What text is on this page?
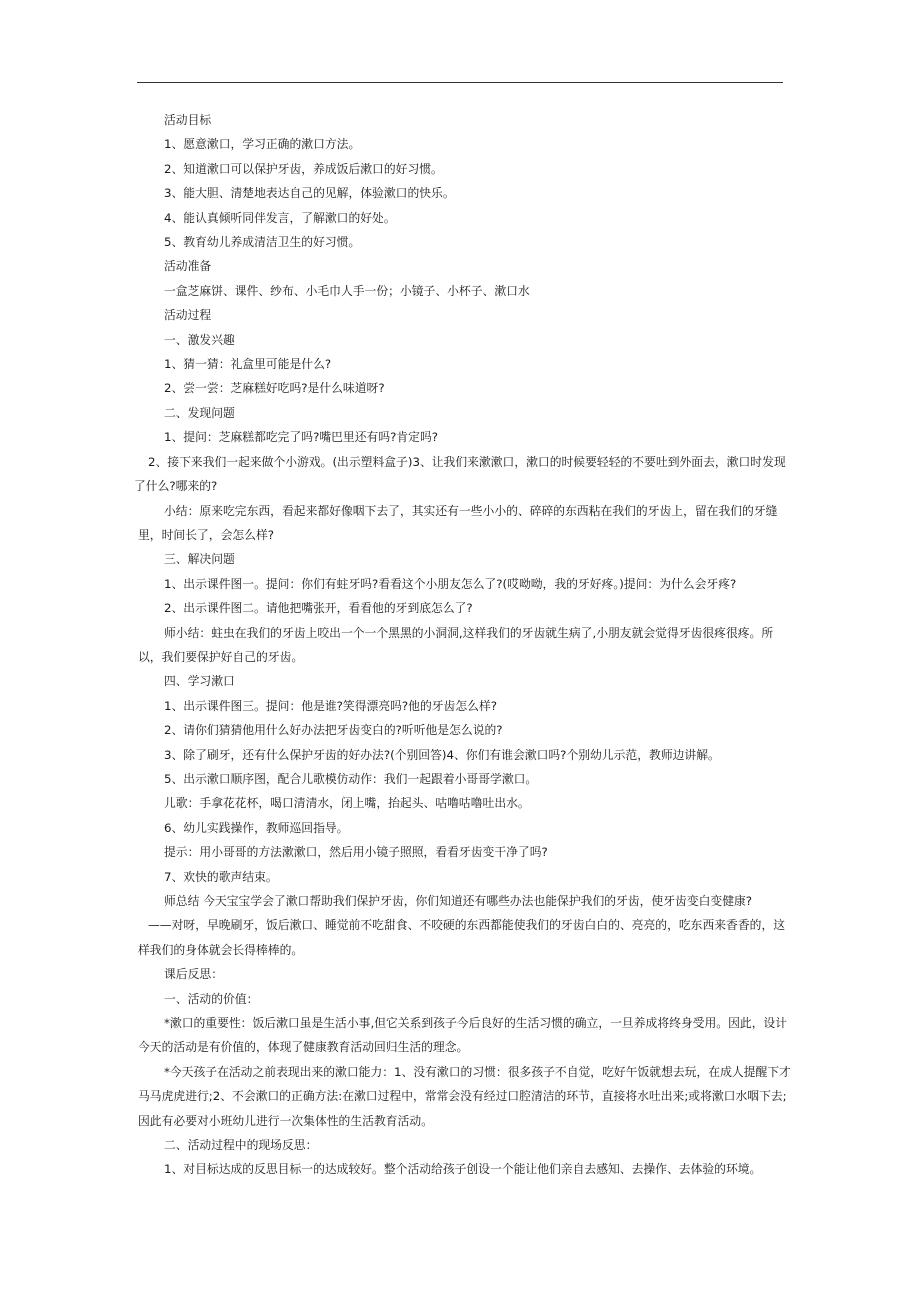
活动目标
1、愿意漱口，学习正确的漱口方法。
2、知道漱口可以保护牙齿，养成饭后漱口的好习惯。
3、能大胆、清楚地表达自己的见解，体验漱口的快乐。
4、能认真倾听同伴发言，了解漱口的好处。
5、教育幼儿养成清洁卫生的好习惯。
活动准备
一盒芝麻饼、课件、纱布、小毛巾人手一份；小镜子、小杯子、漱口水
活动过程
一、激发兴趣
1、猜一猜：礼盒里可能是什么?
2、尝一尝：芝麻糕好吃吗?是什么味道呀?
二、发现问题
1、提问：芝麻糕都吃完了吗?嘴巴里还有吗?肯定吗?
2、接下来我们一起来做个小游戏。(出示塑料盒子)3、让我们来漱漱口，漱口的时候要轻轻的不要吐到外面去，漱口时发现了什么?哪来的?
小结：原来吃完东西，看起来都好像咽下去了，其实还有一些小小的、碎碎的东西粘在我们的牙齿上，留在我们的牙缝里，时间长了，会怎么样?
三、解决问题
1、出示课件图一。提问：你们有蛀牙吗?看看这个小朋友怎么了?(哎呦呦，我的牙好疼。)提问：为什么会牙疼?
2、出示课件图二。请他把嘴张开，看看他的牙到底怎么了?
师小结：蛀虫在我们的牙齿上咬出一个一个黑黑的小洞洞,这样我们的牙齿就生病了,小朋友就会觉得牙齿很疼很疼。所以，我们要保护好自己的牙齿。
四、学习漱口
1、出示课件图三。提问：他是谁?笑得漂亮吗?他的牙齿怎么样?
2、请你们猜猜他用什么好办法把牙齿变白的?听听他是怎么说的?
3、除了刷牙，还有什么保护牙齿的好办法?(个别回答)4、你们有谁会漱口吗?个别幼儿示范，教师边讲解。
5、出示漱口顺序图，配合儿歌模仿动作：我们一起跟着小哥哥学漱口。
儿歌：手拿花花杯，喝口清清水，闭上嘴，抬起头、咕噜咕噜吐出水。
6、幼儿实践操作，教师巡回指导。
提示：用小哥哥的方法漱漱口，然后用小镜子照照，看看牙齿变干净了吗?
7、欢快的歌声结束。
师总结 今天宝宝学会了漱口帮助我们保护牙齿，你们知道还有哪些办法也能保护我们的牙齿，使牙齿变白变健康?
——对呀，早晚刷牙，饭后漱口、睡觉前不吃甜食、不咬硬的东西都能使我们的牙齿白白的、亮亮的，吃东西来香香的，这样我们的身体就会长得棒棒的。
课后反思：
一、活动的价值：
*漱口的重要性：饭后漱口虽是生活小事,但它关系到孩子今后良好的生活习惯的确立，一旦养成将终身受用。因此，设计今天的活动是有价值的，体现了健康教育活动回归生活的理念。
*今天孩子在活动之前表现出来的漱口能力：1、没有漱口的习惯：很多孩子不自觉，吃好午饭就想去玩，在成人提醒下才马马虎虎进行;2、不会漱口的正确方法:在漱口过程中，常常会没有经过口腔清洁的环节，直接将水吐出来;或将漱口水咽下去;因此有必要对小班幼儿进行一次集体性的生活教育活动。
二、活动过程中的现场反思：
1、对目标达成的反思目标一的达成较好。整个活动给孩子创设一个能让他们亲自去感知、去操作、去体验的环境。
